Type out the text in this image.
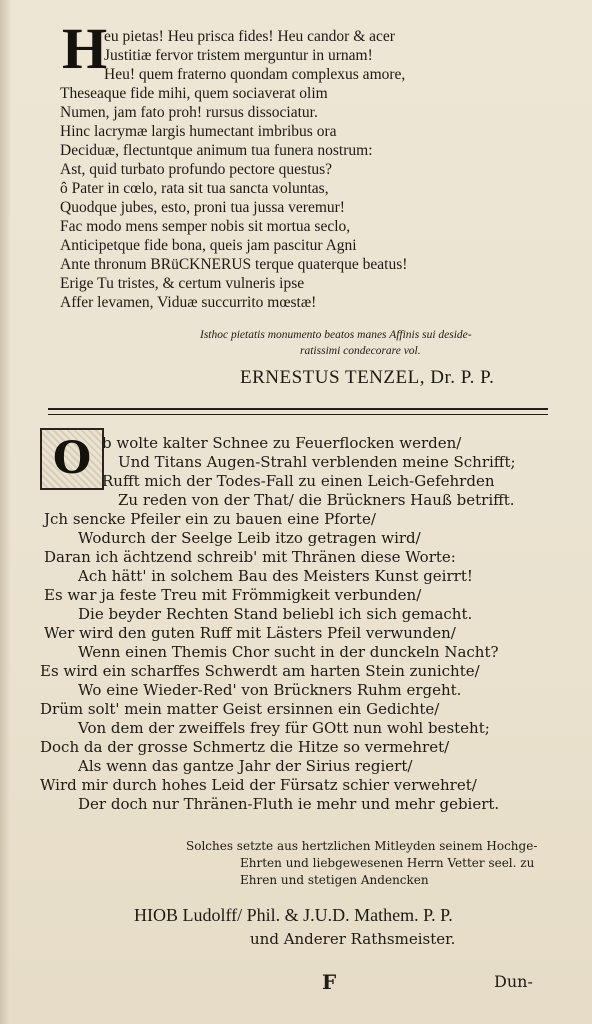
H

eu pietas! Heu prisca fides! Heu candor & acer

Justitiæ fervor tristem merguntur in urnam!

Heu! quem fraterno quondam complexus amore,

Theseaque fide mihi, quem sociaverat olim

Numen, jam fato proh! rursus dissociatur.

Hinc lacrymæ largis humectant imbribus ora

Deciduæ, flectuntque animum tua funera nostrum:

Ast, quid turbato profundo pectore questus?

ô Pater in cœlo, rata sit tua sancta voluntas,

Quodque jubes, esto, proni tua jussa veremur!

Fac modo mens semper nobis sit mortua seclo,

Anticipetque fide bona, queis jam pascitur Agni

Ante thronum BRüCKNERUS terque quaterque beatus!

Erige Tu tristes, & certum vulneris ipse

Affer levamen, Viduæ succurrito mœstæ!

Isthoc pietatis monumento beatos manes Affinis sui deside-

ratissimi condecorare vol.

ERNESTUS TENZEL, Dr. P. P.

O b wolte kalter Schnee zu Feuerflocken werden/

Und Titans Augen-Strahl verblenden meine Schrifft;

Rufft mich der Todes-Fall zu einen Leich-Gefehrden

Zu reden von der That/ die Brückners Hauß betrifft.

Jch sencke Pfeiler ein zu bauen eine Pforte/

Wodurch der Seelge Leib itzo getragen wird/

Daran ich ächtzend schreib' mit Thränen diese Worte:

Ach hätt' in solchem Bau des Meisters Kunst geirrt!

Es war ja feste Treu mit Frömmigkeit verbunden/

Die beyder Rechten Stand beliebl ich sich gemacht.

Wer wird den guten Ruff mit Lästers Pfeil verwunden/

Wenn einen Themis Chor sucht in der dunckeln Nacht?

Es wird ein scharffes Schwerdt am harten Stein zunichte/

Wo eine Wieder-Red' von Brückners Ruhm ergeht.

Drüm solt' mein matter Geist ersinnen ein Gedichte/

Von dem der zweiffels frey für GOtt nun wohl besteht;

Doch da der grosse Schmertz die Hitze so vermehret/

Als wenn das gantze Jahr der Sirius regiert/

Wird mir durch hohes Leid der Fürsatz schier verwehret/

Der doch nur Thränen-Fluth ie mehr und mehr gebiert.

Solches setzte aus hertzlichen Mitleyden seinem Hochge-

Ehrten und liebgewesenen Herrn Vetter seel. zu

Ehren und stetigen Andencken

HIOB Ludolff/ Phil. & J.U.D. Mathem. P. P.

und Anderer Rathsmeister.

F	Dun-
